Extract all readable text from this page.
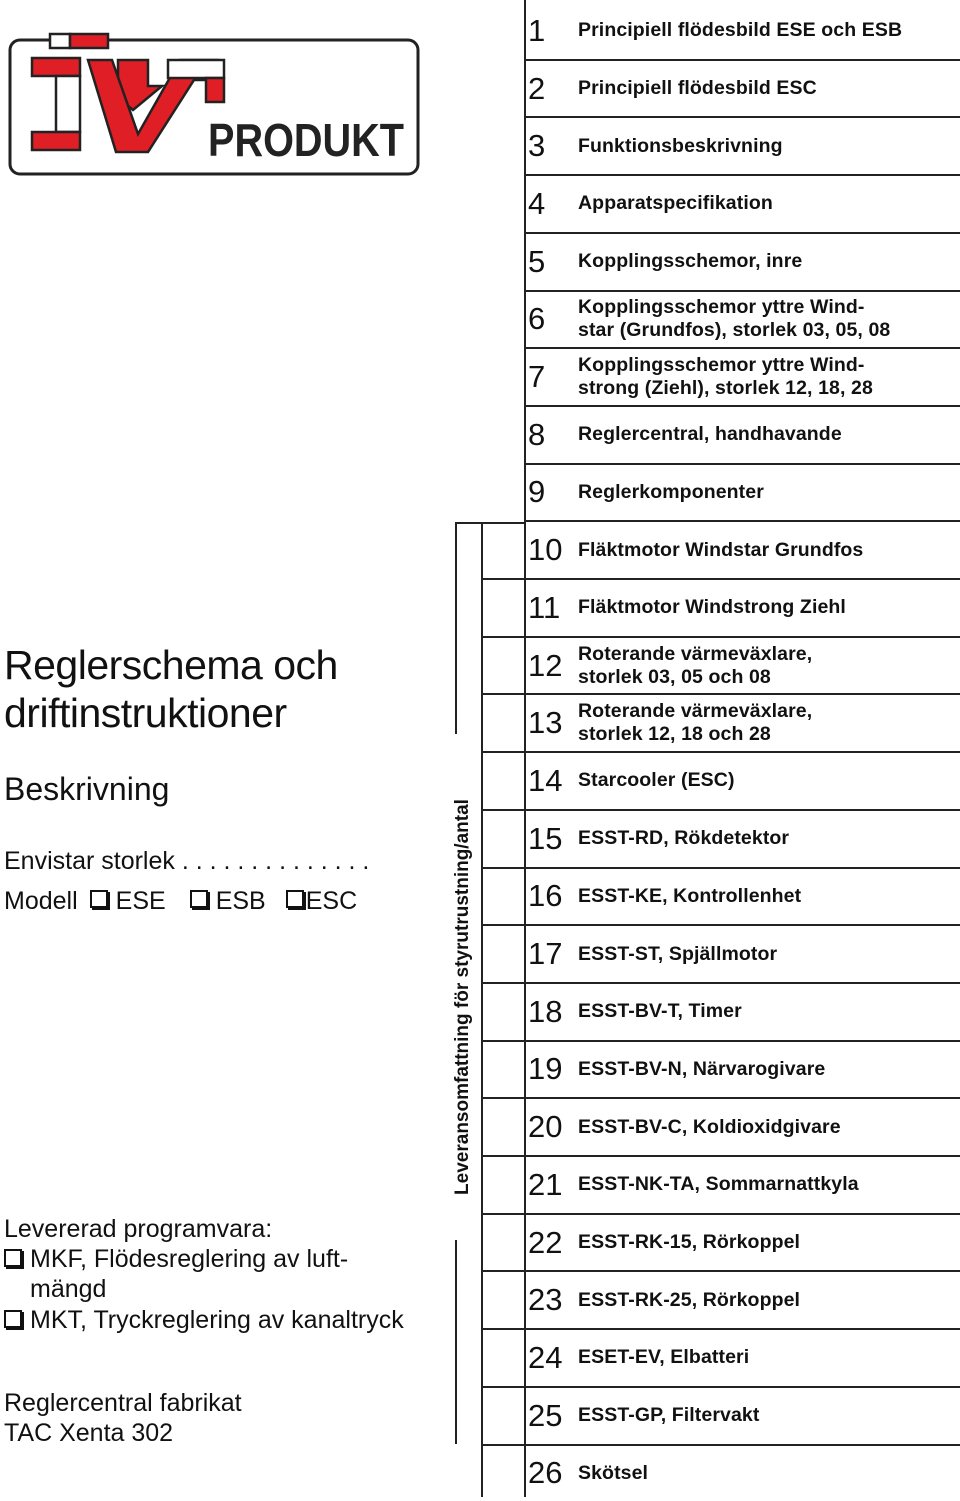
PRODUKT
Reglerschema och
driftinstruktioner
Beskrivning
Envistar storlek . . . . . . . . . . . . . .
Modell ESE ESB ESC
Levererad programvara:
MKF, Flödesreglering av luft-
mängd
MKT, Tryckreglering av kanaltryck
Reglercentral fabrikat
TAC Xenta 302
Leveransomfattning för styrutrustning/antal
1	Principiell flödesbild ESE och ESB
2	Principiell flödesbild ESC
3	Funktionsbeskrivning
4	Apparatspecifikation
5	Kopplingsschemor, inre
6	Kopplingsschemor yttre Wind-
star (Grundfos), storlek 03, 05, 08
7	Kopplingsschemor yttre Wind-
strong (Ziehl), storlek 12, 18, 28
8	Reglercentral, handhavande
9	Reglerkomponenter
10 Fläktmotor Windstar Grundfos
11 Fläktmotor Windstrong Ziehl
12 Roterande värmeväxlare,
storlek 03, 05 och 08
13 Roterande värmeväxlare,
storlek 12, 18 och 28
14 Starcooler (ESC)
15 ESST-RD, Rökdetektor
16 ESST-KE, Kontrollenhet
17 ESST-ST, Spjällmotor
18 ESST-BV-T, Timer
19 ESST-BV-N, Närvarogivare
20 ESST-BV-C, Koldioxidgivare
21 ESST-NK-TA, Sommarnattkyla
22 ESST-RK-15, Rörkoppel
23 ESST-RK-25, Rörkoppel
24 ESET-EV, Elbatteri
25 ESST-GP, Filtervakt
26 Skötsel
